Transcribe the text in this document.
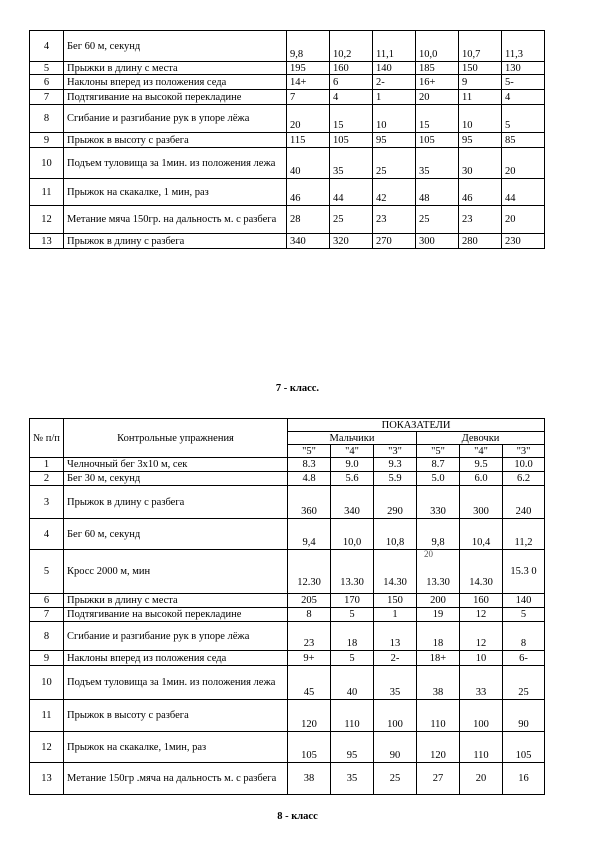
4	Бег 60 м, секунд	9,8	10,2	11,1	10,0	10,7	11,3
5	Прыжки в длину с места	195	160	140	185	150	130
6	Наклоны вперед из положения седа	14+	6	2-	16+	9	5-
7	Подтягивание на высокой перекладине	7	4	1	20	11	4
8	Сгибание и разгибание рук в упоре лёжа	20	15	10	15	10	5
9	Прыжок в высоту с разбега	115	105	95	105	95	85
10	Подъем туловища за 1мин. из положения лежа	40	35	25	35	30	20
11	Прыжок на скакалке, 1 мин, раз	46	44	42	48	46	44
12	Метание мяча 150гр. на дальность м. с разбега	28	25	23	25	23	20
13	Прыжок в длину с разбега	340	320	270	300	280	230
7 - класс.
№ п/п	Контрольные упражнения	ПОКАЗАТЕЛИ					
		Мальчики			Девочки		
		"5"	"4"	"3"	"5"	"4"	"3"
1	Челночный бег 3х10 м, сек	8.3	9.0	9.3	8.7	9.5	10.0
2	Бег 30 м, секунд	4.8	5.6	5.9	5.0	6.0	6.2
3	Прыжок в длину с разбега	360	340	290	330	300	240
4	Бег 60 м, секунд	9,4	10,0	10,8	9,8	10,4	11,2
5	Кросс 2000 м, мин	12.30	13.30	14.30	13.30	14.30	15.3 0
6	Прыжки в длину с места	205	170	150	200	160	140
7	Подтягивание на высокой перекладине	8	5	1	19	12	5
8	Сгибание и разгибание рук в упоре лёжа	23	18	13	18	12	8
9	Наклоны вперед из положения седа	9+	5	2-	18+	10	6-
10	Подъем туловища за 1мин. из положения лежа	45	40	35	38	33	25
11	Прыжок в высоту с разбега	120	110	100	110	100	90
12	Прыжок на скакалке, 1мин, раз	105	95	90	120	110	105
13	Метание 150гр .мяча на дальность м. с разбега	38	35	25	27	20	16
20
8 - класс
